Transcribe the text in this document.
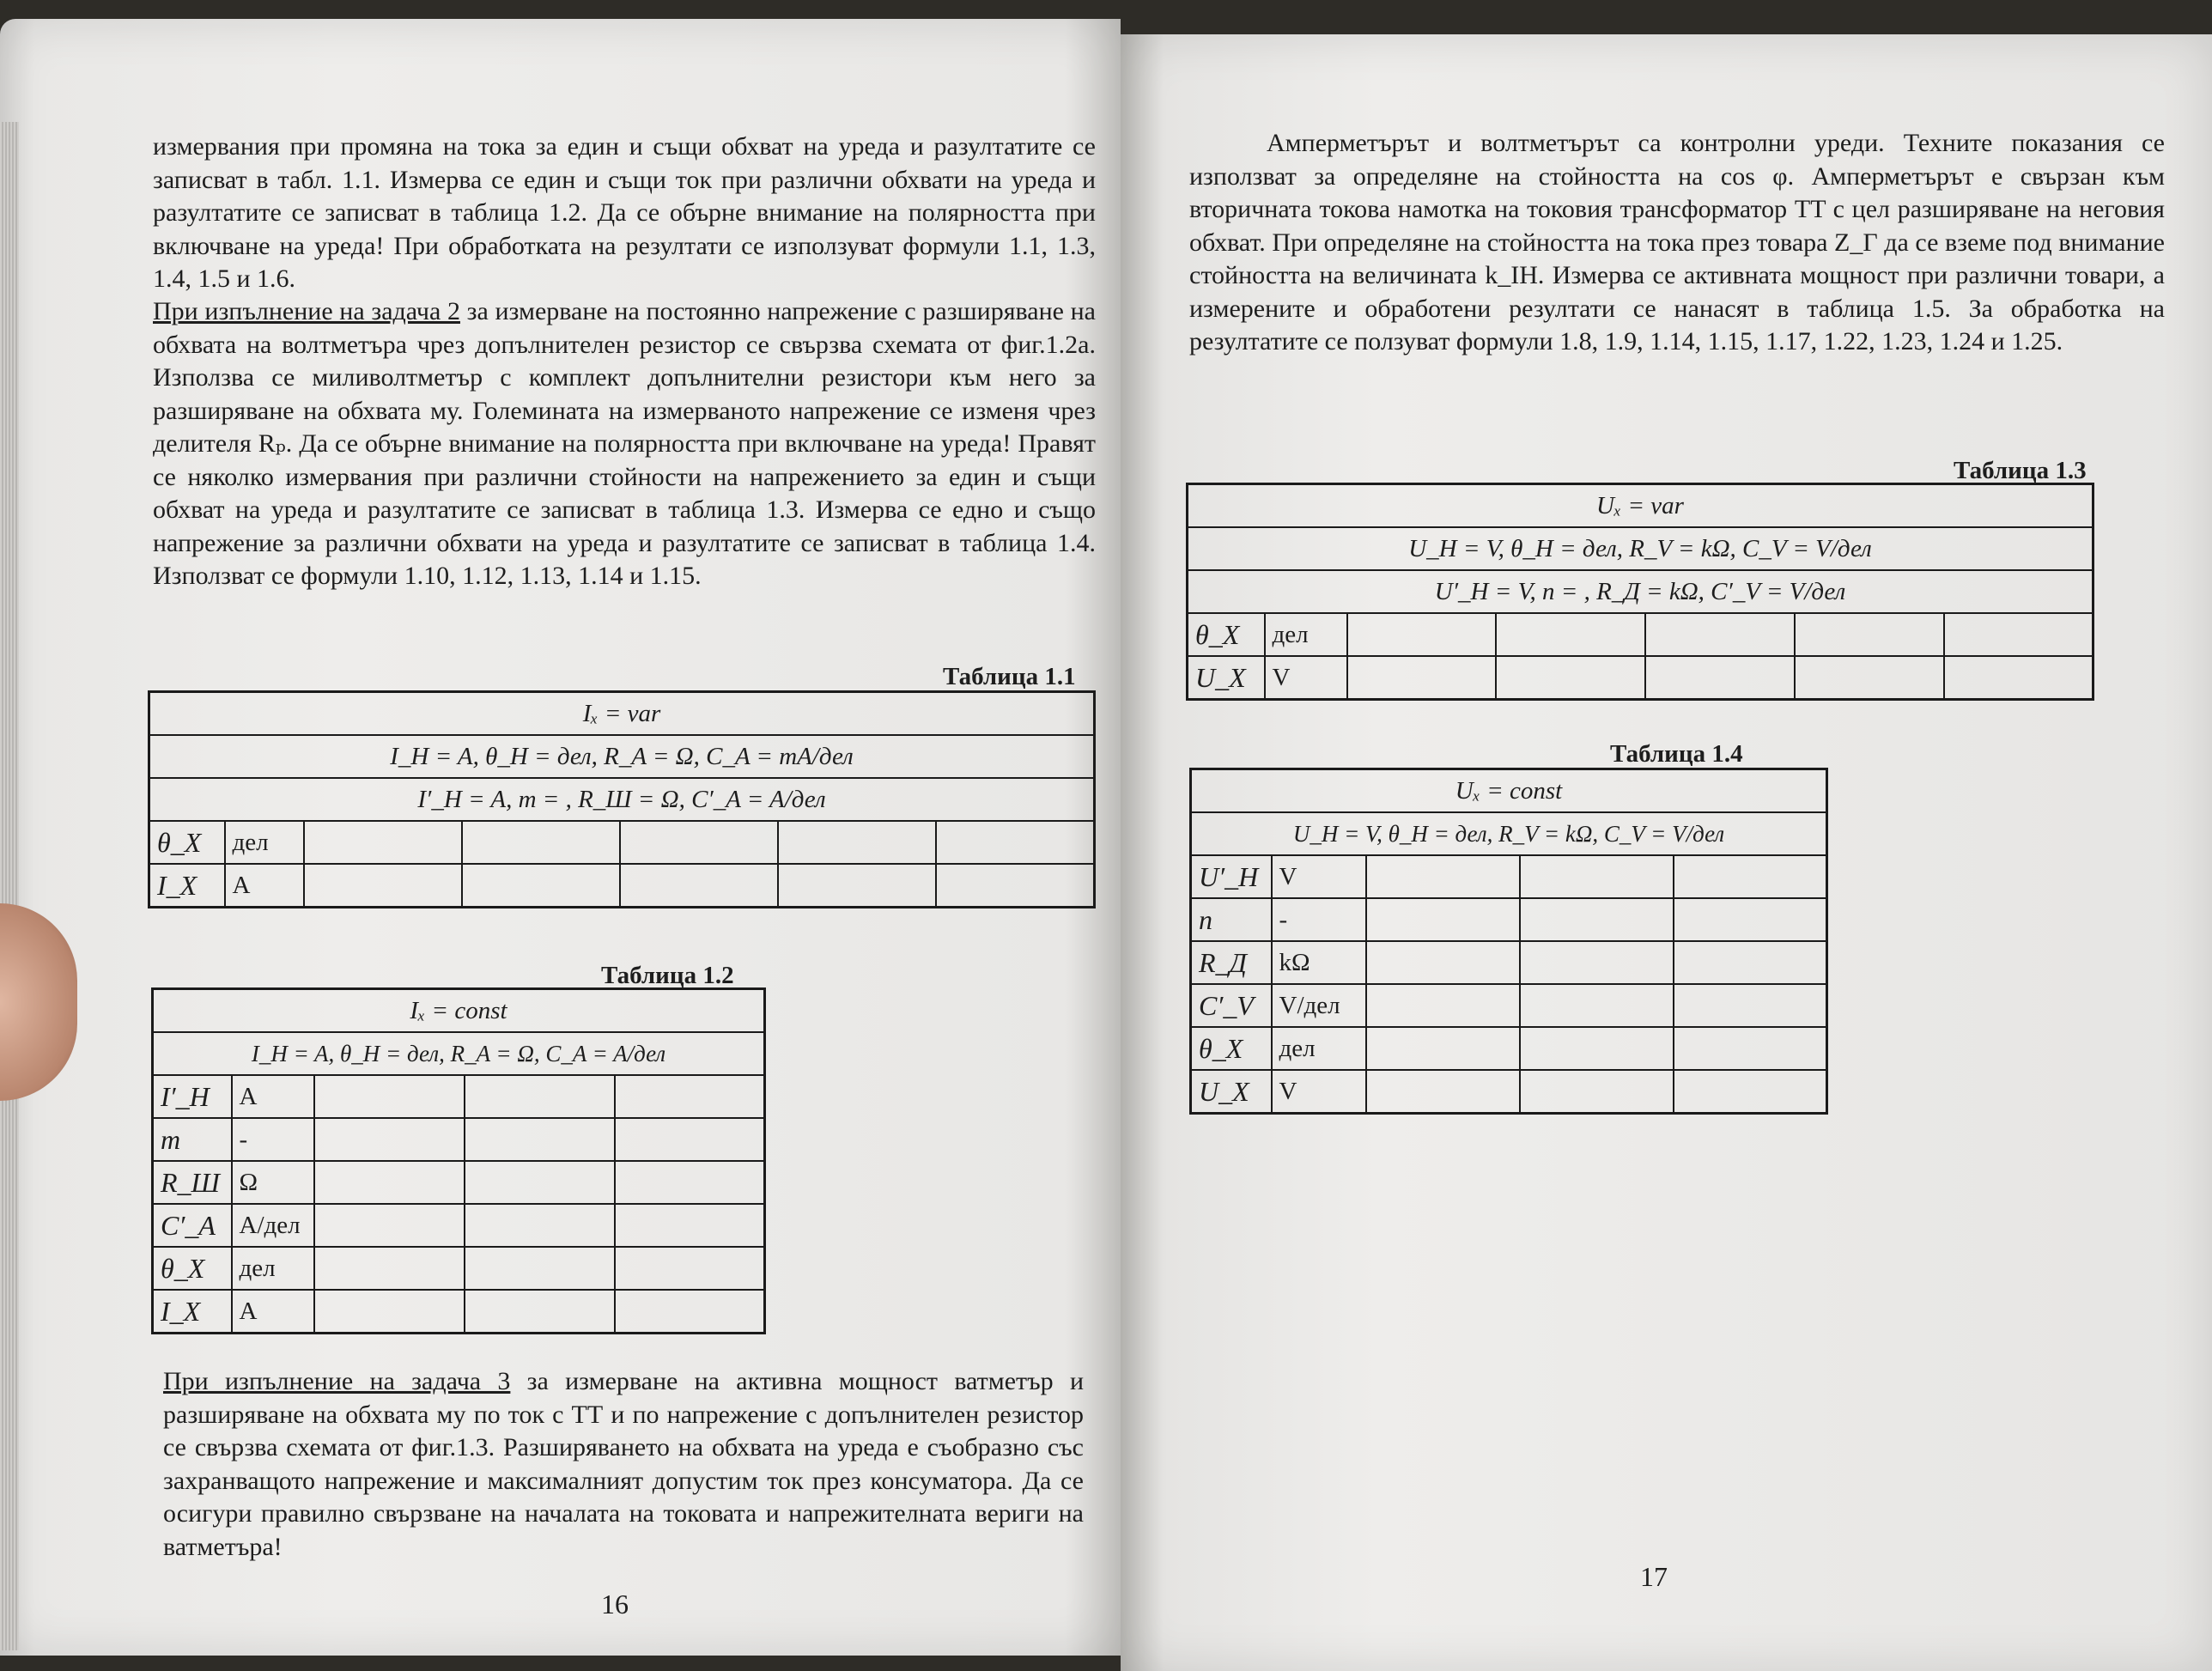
измервания при промяна на тока за един и същи обхват на уреда и разултатите се записват в табл. 1.1. Измерва се един и същи ток при различни обхвати на уреда и разултатите се записват в таблица 1.2. Да се обърне внимание на полярността при включване на уреда! При обработката на резултати се използуват формули 1.1, 1.3, 1.4, 1.5 и 1.6.
При изпълнение на задача 2 за измерване на постоянно напрежение с разширяване на обхвата на волтметъра чрез допълнителен резистор се свързва схемата от фиг.1.2а. Използва се миливолтметър с комплект допълнителни резистори към него за разширяване на обхвата му. Големината на измерваното напрежение се изменя чрез делителя Rₚ. Да се обърне внимание на полярността при включване на уреда! Правят се няколко измервания при различни стойности на напрежението за един и същи обхват на уреда и разултатите се записват в таблица 1.3. Измерва се едно и също напрежение за различни обхвати на уреда и разултатите се записват в таблица 1.4. Използват се формули 1.10, 1.12, 1.13, 1.14 и 1.15.
Таблица 1.1
Iₓ = var						
I_H = A, θ_H = дел, R_A = Ω, C_A = mA/дел						
I′_H = A, m = , R_Ш = Ω, C′_A = A/дел						
θ_X	дел					
I_X	A					
Таблица 1.2
Iₓ = const				
I_H = A, θ_H = дел, R_A = Ω, C_A = A/дел				
I′_H	A			
m	-			
R_Ш	Ω			
C′_A	A/дел			
θ_X	дел			
I_X	A			
При изпълнение на задача 3 за измерване на активна мощност ватметър и разширяване на обхвата му по ток с ТТ и по напрежение с допълнителен резистор се свързва схемата от фиг.1.3. Разширяването на обхвата на уреда е съобразно със захранващото напрежение и максималният допустим ток през консуматора. Да се осигури правилно свързване на началата на токовата и напрежителната вериги на ватметъра!
16
Амперметърът и волтметърът са контролни уреди. Техните показания се използват за определяне на стойността на cos φ. Амперметърът е свързан към вторичната токова намотка на токовия трансформатор TT с цел разширяване на неговия обхват. При определяне на стойността на тока през товара Z_Г да се вземе под внимание стойността на величината k_IH. Измерва се активната мощност при различни товари, а измерените и обработени резултати се нанасят в таблица 1.5. За обработка на резултатите се ползуват формули 1.8, 1.9, 1.14, 1.15, 1.17, 1.22, 1.23, 1.24 и 1.25.
Таблица 1.3
Uₓ = var						
U_H = V, θ_H = дел, R_V = kΩ, C_V = V/дел						
U′_H = V, n = , R_Д = kΩ, C′_V = V/дел						
θ_X	дел					
U_X	V					
Таблица 1.4
Uₓ = const				
U_H = V, θ_H = дел, R_V = kΩ, C_V = V/дел				
U′_H	V			
n	-			
R_Д	kΩ			
C′_V	V/дел			
θ_X	дел			
U_X	V			
17
